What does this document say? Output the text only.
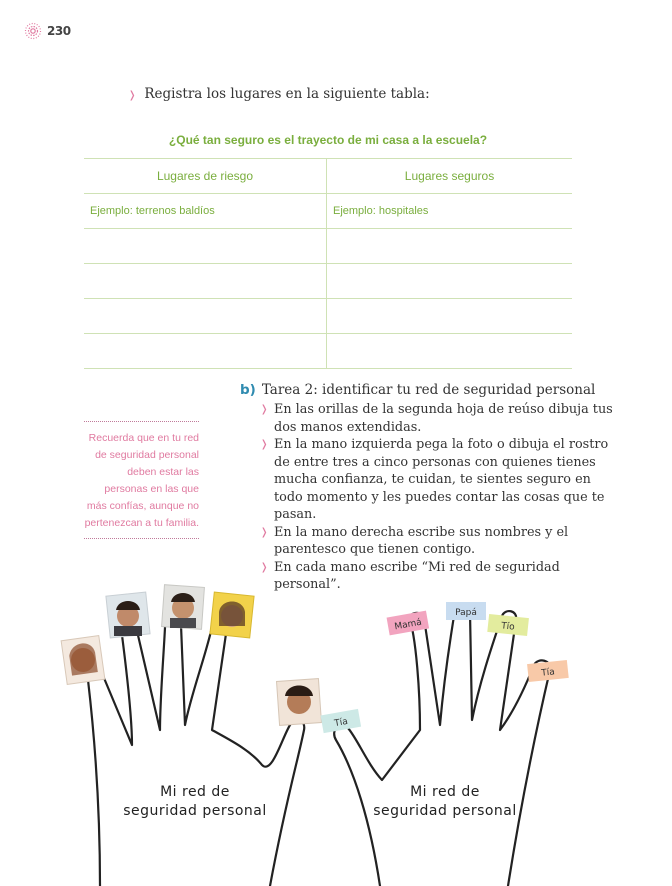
230
❭ Registra los lugares en la siguiente tabla:
¿Qué tan seguro es el trayecto de mi casa a la escuela?
Lugares de riesgo	Lugares seguros
Ejemplo: terrenos baldíos	Ejemplo: hospitales

b) Tarea 2: identificar tu red de seguridad personal
❭ En las orillas de la segunda hoja de reúso dibuja tus dos manos extendidas.
❭ En la mano izquierda pega la foto o dibuja el rostro de entre tres a cinco personas con quienes tienes mucha confianza, te cuidan, te sientes seguro en todo momento y les puedes contar las cosas que te pasan.
❭ En la mano derecha escribe sus nombres y el parentesco que tienen contigo.
❭ En cada mano escribe “Mi red de seguridad personal”.
Recuerda que en tu red de seguridad personal deben estar las personas en las que más confías, aunque no pertenezcan a tu familia.
Tía
Mamá
Papá
Tío
Tía
Mi red de
seguridad personal
Mi red de
seguridad personal
